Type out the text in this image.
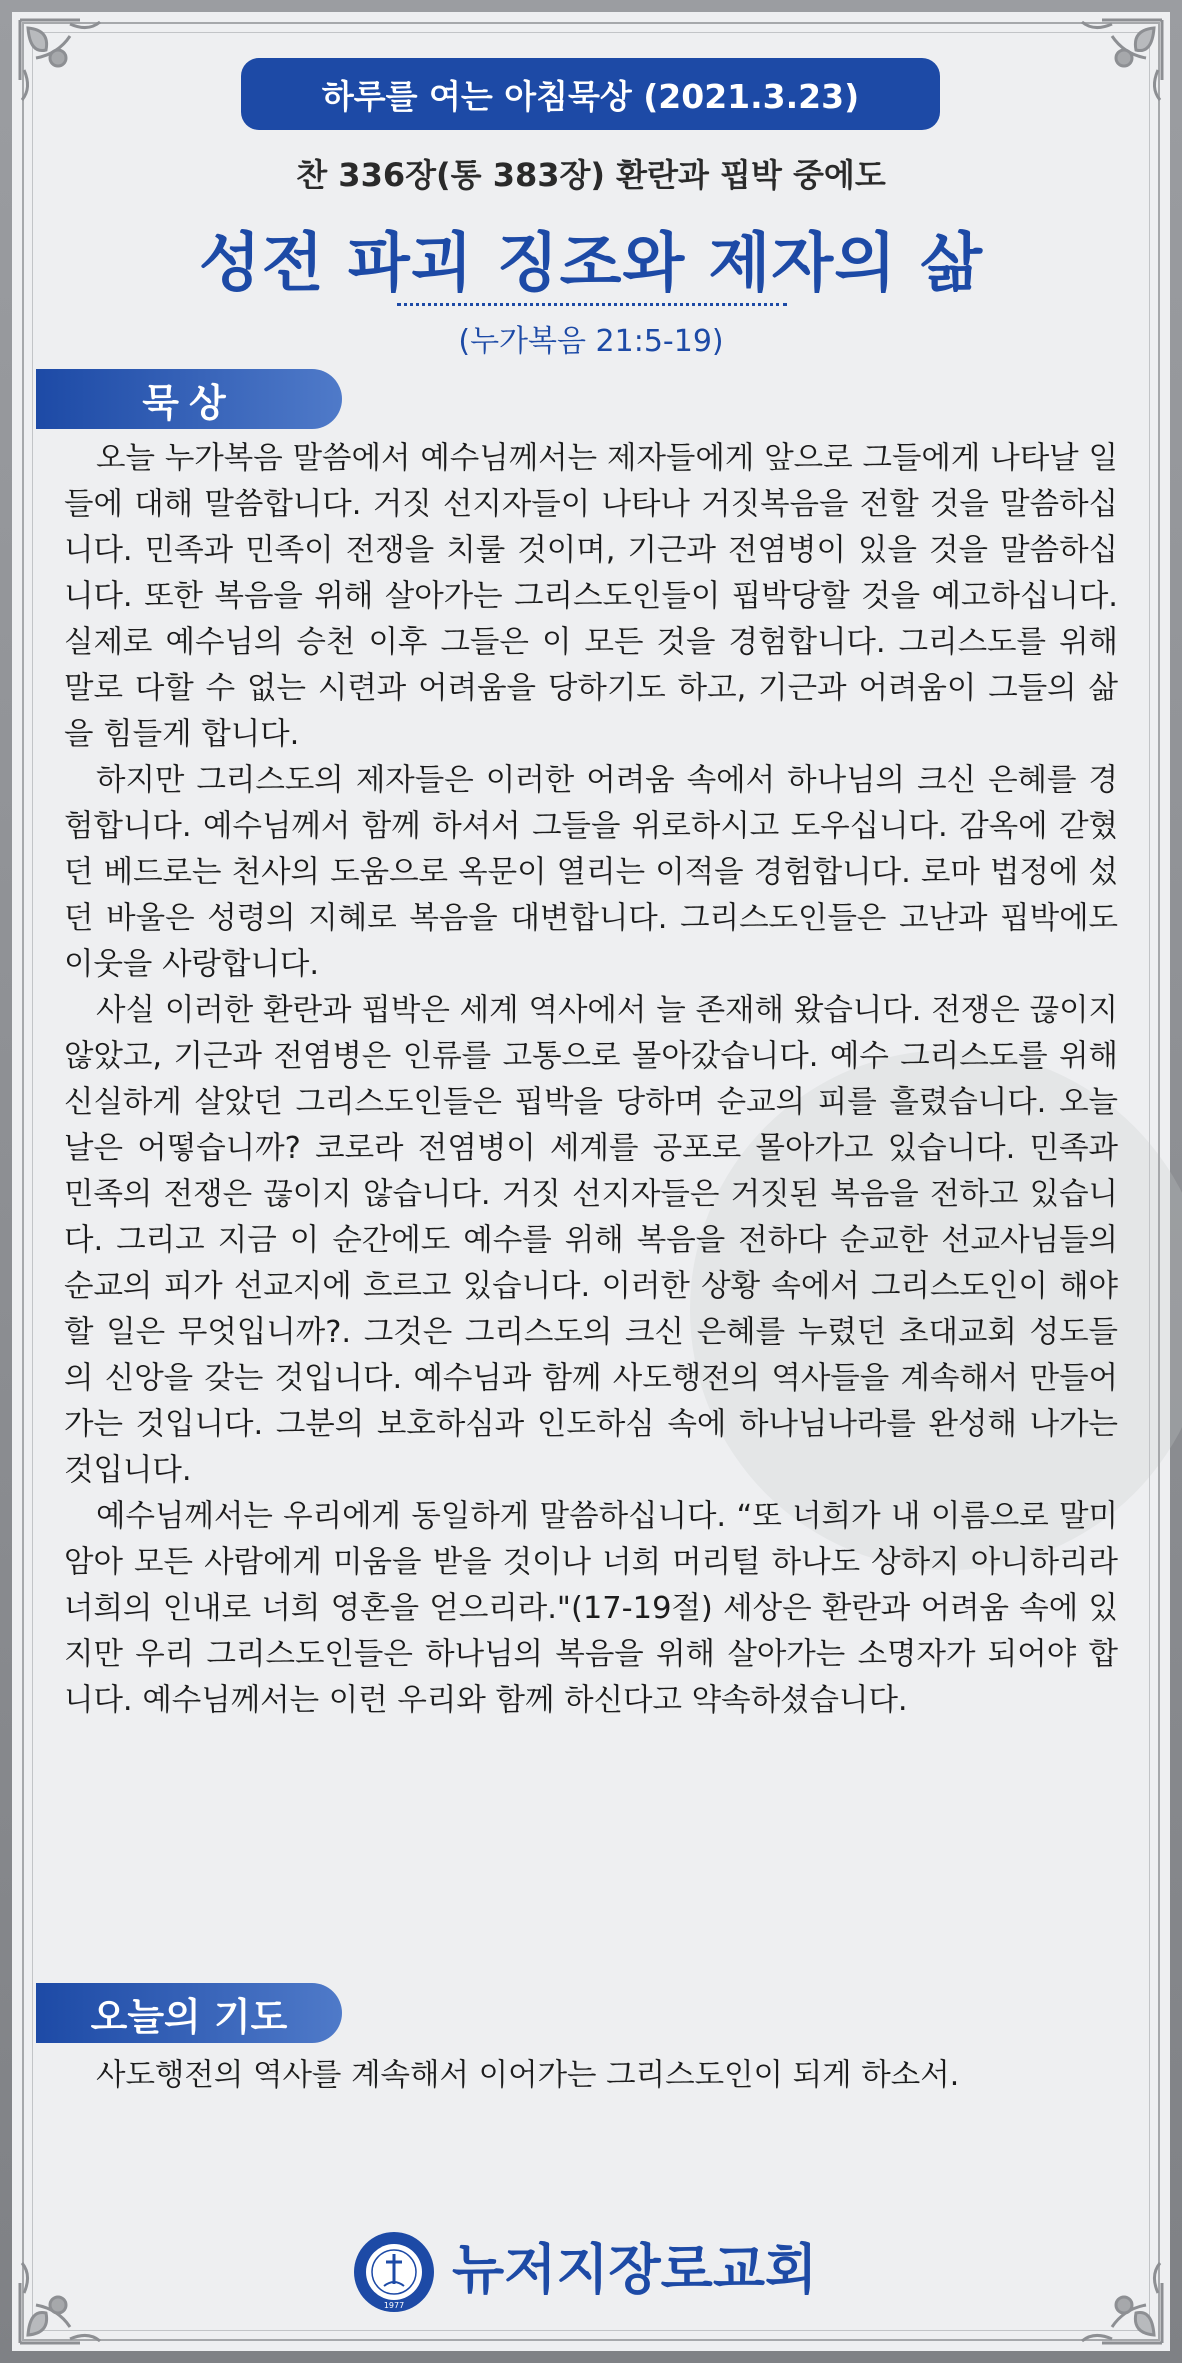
하루를 여는 아침묵상 (2021.3.23)
찬 336장(통 383장) 환란과 핍박 중에도
성전 파괴 징조와 제자의 삶
(누가복음 21:5-19)
묵상

오늘 누가복음 말씀에서 예수님께서는 제자들에게 앞으로 그들에게 나타날 일들에 대해 말씀합니다. 거짓 선지자들이 나타나 거짓복음을 전할 것을 말씀하십니다. 민족과 민족이 전쟁을 치룰 것이며, 기근과 전염병이 있을 것을 말씀하십니다. 또한 복음을 위해 살아가는 그리스도인들이 핍박당할 것을 예고하십니다. 실제로 예수님의 승천 이후 그들은 이 모든 것을 경험합니다. 그리스도를 위해 말로 다할 수 없는 시련과 어려움을 당하기도 하고, 기근과 어려움이 그들의 삶을 힘들게 합니다.

하지만 그리스도의 제자들은 이러한 어려움 속에서 하나님의 크신 은혜를 경험합니다. 예수님께서 함께 하셔서 그들을 위로하시고 도우십니다. 감옥에 갇혔던 베드로는 천사의 도움으로 옥문이 열리는 이적을 경험합니다. 로마 법정에 섰던 바울은 성령의 지혜로 복음을 대변합니다. 그리스도인들은 고난과 핍박에도 이웃을 사랑합니다.

사실 이러한 환란과 핍박은 세계 역사에서 늘 존재해 왔습니다. 전쟁은 끊이지 않았고, 기근과 전염병은 인류를 고통으로 몰아갔습니다. 예수 그리스도를 위해 신실하게 살았던 그리스도인들은 핍박을 당하며 순교의 피를 흘렸습니다. 오늘날은 어떻습니까? 코로라 전염병이 세계를 공포로 몰아가고 있습니다. 민족과 민족의 전쟁은 끊이지 않습니다. 거짓 선지자들은 거짓된 복음을 전하고 있습니다. 그리고 지금 이 순간에도 예수를 위해 복음을 전하다 순교한 선교사님들의 순교의 피가 선교지에 흐르고 있습니다. 이러한 상황 속에서 그리스도인이 해야 할 일은 무엇입니까?. 그것은 그리스도의 크신 은혜를 누렸던 초대교회 성도들의 신앙을 갖는 것입니다. 예수님과 함께 사도행전의 역사들을 계속해서 만들어 가는 것입니다. 그분의 보호하심과 인도하심 속에 하나님나라를 완성해 나가는 것입니다.

예수님께서는 우리에게 동일하게 말씀하십니다. “또 너희가 내 이름으로 말미암아 모든 사람에게 미움을 받을 것이나 너희 머리털 하나도 상하지 아니하리라 너희의 인내로 너희 영혼을 얻으리라."(17-19절) 세상은 환란과 어려움 속에 있지만 우리 그리스도인들은 하나님의 복음을 위해 살아가는 소명자가 되어야 합니다. 예수님께서는 이런 우리와 함께 하신다고 약속하셨습니다.

오늘의 기도
사도행전의 역사를 계속해서 이어가는 그리스도인이 되게 하소서.
1977
뉴저지장로교회
